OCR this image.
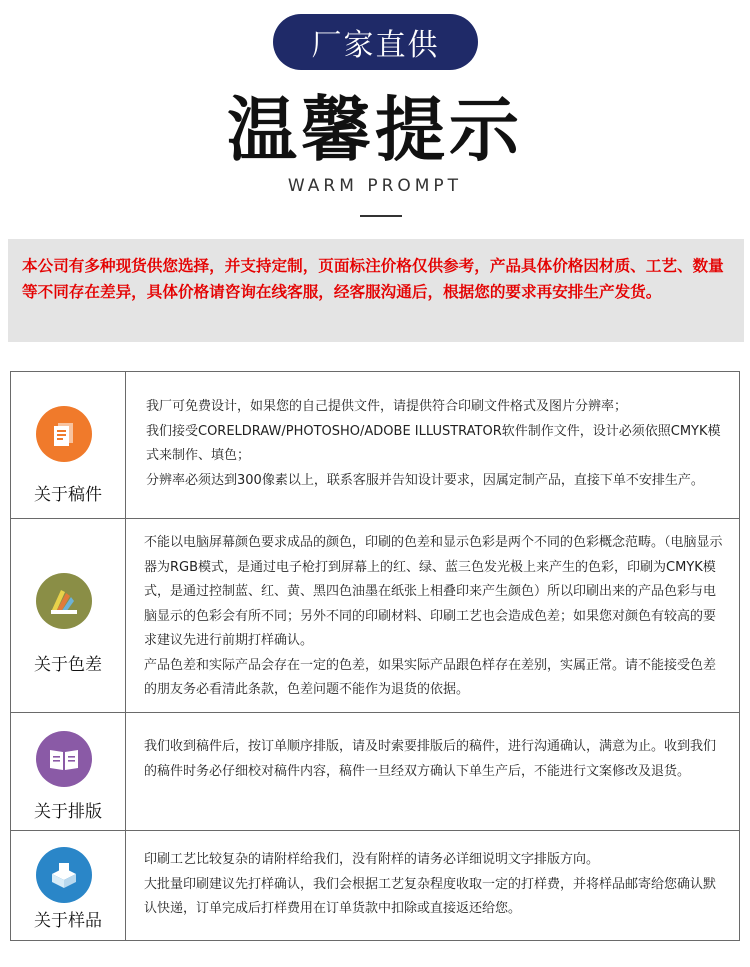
厂家直供
温馨提示
WARM PROMPT
本公司有多种现货供您选择，并支持定制，页面标注价格仅供参考，产品具体价格因材质、工艺、数量等不同存在差异，具体价格请咨询在线客服，经客服沟通后，根据您的要求再安排生产发货。
关于稿件

我厂可免费设计，如果您的自己提供文件，请提供符合印刷文件格式及图片分辨率；

我们接受CORELDRAW/PHOTOSHO/ADOBE ILLUSTRATOR软件制作文件，设计必须依照CMYK模式来制作、填色；

分辨率必须达到300像素以上，联系客服并告知设计要求，因属定制产品，直接下单不安排生产。

关于色差

不能以电脑屏幕颜色要求成品的颜色，印刷的色差和显示色彩是两个不同的色彩概念范畴。（电脑显示器为RGB模式，是通过电子枪打到屏幕上的红、绿、蓝三色发光极上来产生的色彩，印刷为CMYK模式，是通过控制蓝、红、黄、黑四色油墨在纸张上相叠印来产生颜色）所以印刷出来的产品色彩与电脑显示的色彩会有所不同；另外不同的印刷材料、印刷工艺也会造成色差；如果您对颜色有较高的要求建议先进行前期打样确认。

产品色差和实际产品会存在一定的色差，如果实际产品跟色样存在差别，实属正常。请不能接受色差的朋友务必看清此条款，色差问题不能作为退货的依据。

关于排版

我们收到稿件后，按订单顺序排版，请及时索要排版后的稿件，进行沟通确认，满意为止。收到我们的稿件时务必仔细校对稿件内容，稿件一旦经双方确认下单生产后，不能进行文案修改及退货。

关于样品

印刷工艺比较复杂的请附样给我们，没有附样的请务必详细说明文字排版方向。

大批量印刷建议先打样确认，我们会根据工艺复杂程度收取一定的打样费，并将样品邮寄给您确认默认快递，订单完成后打样费用在订单货款中扣除或直接返还给您。
